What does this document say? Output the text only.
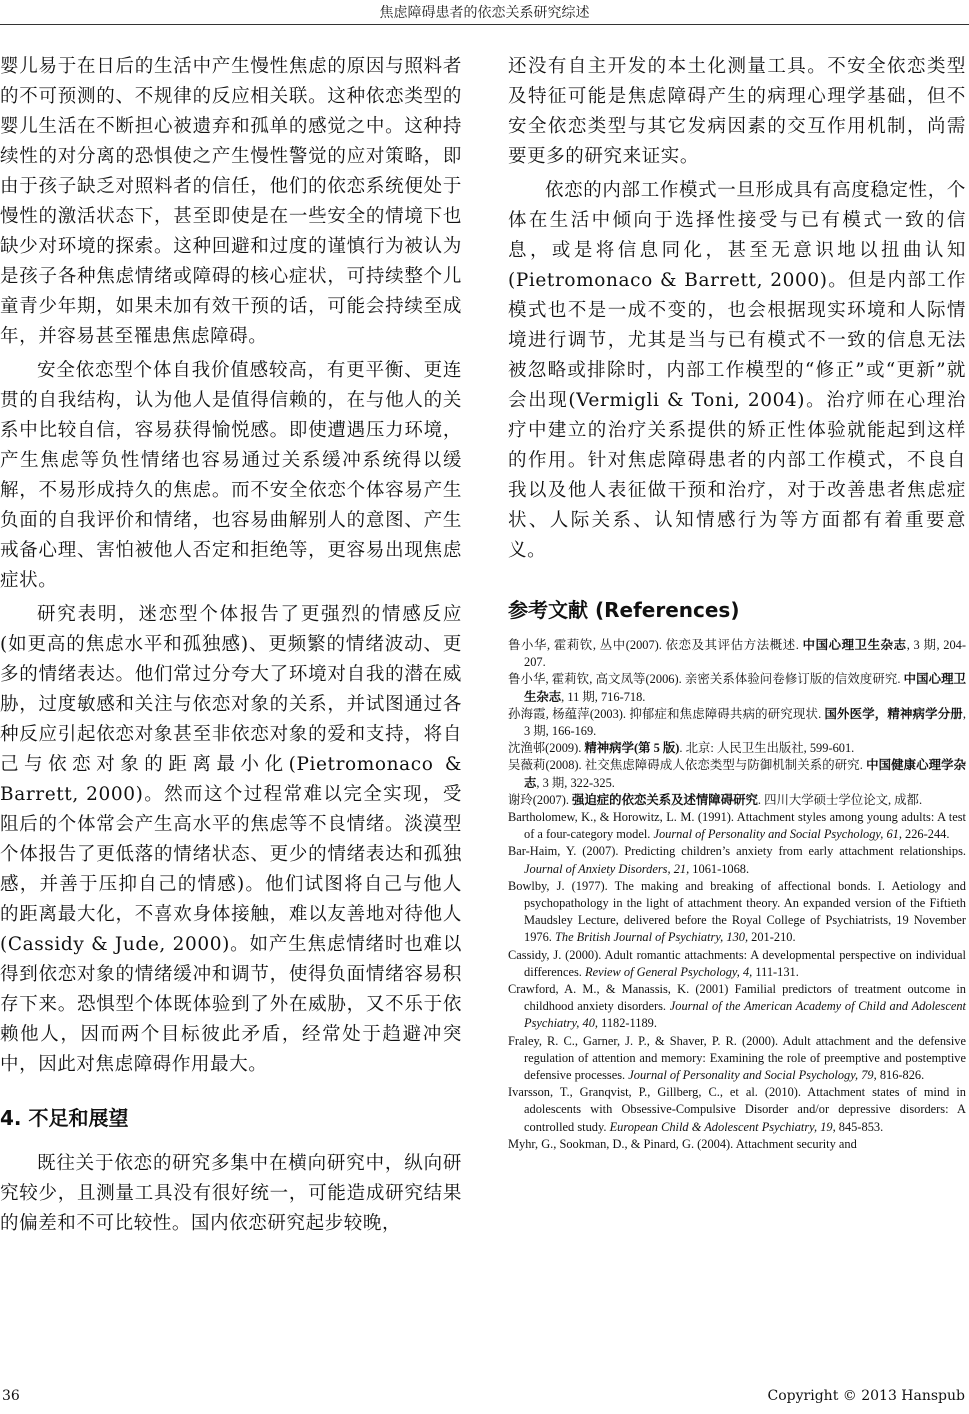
焦虑障碍患者的依恋关系研究综述

婴儿易于在日后的生活中产生慢性焦虑的原因与照料者的不可预测的、不规律的反应相关联。这种依恋类型的婴儿生活在不断担心被遗弃和孤单的感觉之中。这种持续性的对分离的恐惧使之产生慢性警觉的应对策略，即由于孩子缺乏对照料者的信任，他们的依恋系统便处于慢性的激活状态下，甚至即使是在一些安全的情境下也缺少对环境的探索。这种回避和过度的谨慎行为被认为是孩子各种焦虑情绪或障碍的核心症状，可持续整个儿童青少年期，如果未加有效干预的话，可能会持续至成年，并容易甚至罹患焦虑障碍。

安全依恋型个体自我价值感较高，有更平衡、更连贯的自我结构，认为他人是值得信赖的，在与他人的关系中比较自信，容易获得愉悦感。即使遭遇压力环境，产生焦虑等负性情绪也容易通过关系缓冲系统得以缓解，不易形成持久的焦虑。而不安全依恋个体容易产生负面的自我评价和情绪，也容易曲解别人的意图、产生戒备心理、害怕被他人否定和拒绝等，更容易出现焦虑症状。

研究表明，迷恋型个体报告了更强烈的情感反应(如更高的焦虑水平和孤独感)、更频繁的情绪波动、更多的情绪表达。他们常过分夸大了环境对自我的潜在威胁，过度敏感和关注与依恋对象的关系，并试图通过各种反应引起依恋对象甚至非依恋对象的爱和支持，将自己与依恋对象的距离最小化(Pietromonaco & Barrett, 2000)。然而这个过程常难以完全实现，受阻后的个体常会产生高水平的焦虑等不良情绪。淡漠型个体报告了更低落的情绪状态、更少的情绪表达和孤独感，并善于压抑自己的情感)。他们试图将自己与他人的距离最大化，不喜欢身体接触，难以友善地对待他人(Cassidy & Jude, 2000)。如产生焦虑情绪时也难以得到依恋对象的情绪缓冲和调节，使得负面情绪容易积存下来。恐惧型个体既体验到了外在威胁，又不乐于依赖他人，因而两个目标彼此矛盾，经常处于趋避冲突中，因此对焦虑障碍作用最大。

4. 不足和展望

既往关于依恋的研究多集中在横向研究中，纵向研究较少，且测量工具没有很好统一，可能造成研究结果的偏差和不可比较性。国内依恋研究起步较晚，

还没有自主开发的本土化测量工具。不安全依恋类型及特征可能是焦虑障碍产生的病理心理学基础，但不安全依恋类型与其它发病因素的交互作用机制，尚需要更多的研究来证实。

依恋的内部工作模式一旦形成具有高度稳定性，个体在生活中倾向于选择性接受与已有模式一致的信息，或是将信息同化，甚至无意识地以扭曲认知(Pietromonaco & Barrett, 2000)。但是内部工作模式也不是一成不变的，也会根据现实环境和人际情境进行调节，尤其是当与已有模式不一致的信息无法被忽略或排除时，内部工作模型的“修正”或“更新”就会出现(Vermigli & Toni, 2004)。治疗师在心理治疗中建立的治疗关系提供的矫正性体验就能起到这样的作用。针对焦虑障碍患者的内部工作模式，不良自我以及他人表征做干预和治疗，对于改善患者焦虑症状、人际关系、认知情感行为等方面都有着重要意义。

参考文献 (References)

鲁小华, 霍莉钦, 丛中(2007). 依恋及其评估方法概述. 中国心理卫生杂志, 3 期, 204-207.

鲁小华, 霍莉钦, 高文凤等(2006). 亲密关系体验问卷修订版的信效度研究. 中国心理卫生杂志, 11 期, 716-718.

孙海霞, 杨蕴萍(2003). 抑郁症和焦虑障碍共病的研究现状. 国外医学，精神病学分册, 3 期, 166-169.

沈渔邨(2009). 精神病学(第 5 版). 北京: 人民卫生出版社, 599-601.

吴薇莉(2008). 社交焦虑障碍成人依恋类型与防御机制关系的研究. 中国健康心理学杂志, 3 期, 322-325.

谢玲(2007). 强迫症的依恋关系及述情障碍研究. 四川大学硕士学位论文, 成都.

Bartholomew, K., & Horowitz, L. M. (1991). Attachment styles among young adults: A test of a four-category model. Journal of Personality and Social Psychology, 61, 226-244.

Bar-Haim, Y. (2007). Predicting children’s anxiety from early attachment relationships. Journal of Anxiety Disorders, 21, 1061-1068.

Bowlby, J. (1977). The making and breaking of affectional bonds. I. Aetiology and psychopathology in the light of attachment theory. An expanded version of the Fiftieth Maudsley Lecture, delivered before the Royal College of Psychiatrists, 19 November 1976. The British Journal of Psychiatry, 130, 201-210.

Cassidy, J. (2000). Adult romantic attachments: A developmental perspective on individual differences. Review of General Psychology, 4, 111-131.

Crawford, A. M., & Manassis, K. (2001) Familial predictors of treatment outcome in childhood anxiety disorders. Journal of the American Academy of Child and Adolescent Psychiatry, 40, 1182-1189.

Fraley, R. C., Garner, J. P., & Shaver, P. R. (2000). Adult attachment and the defensive regulation of attention and memory: Examining the role of preemptive and postemptive defensive processes. Journal of Personality and Social Psychology, 79, 816-826.

Ivarsson, T., Granqvist, P., Gillberg, C., et al. (2010). Attachment states of mind in adolescents with Obsessive-Compulsive Disorder and/or depressive disorders: A controlled study. European Child & Adolescent Psychiatry, 19, 845-853.

Myhr, G., Sookman, D., & Pinard, G. (2004). Attachment security and

36	Copyright © 2013 Hanspub
